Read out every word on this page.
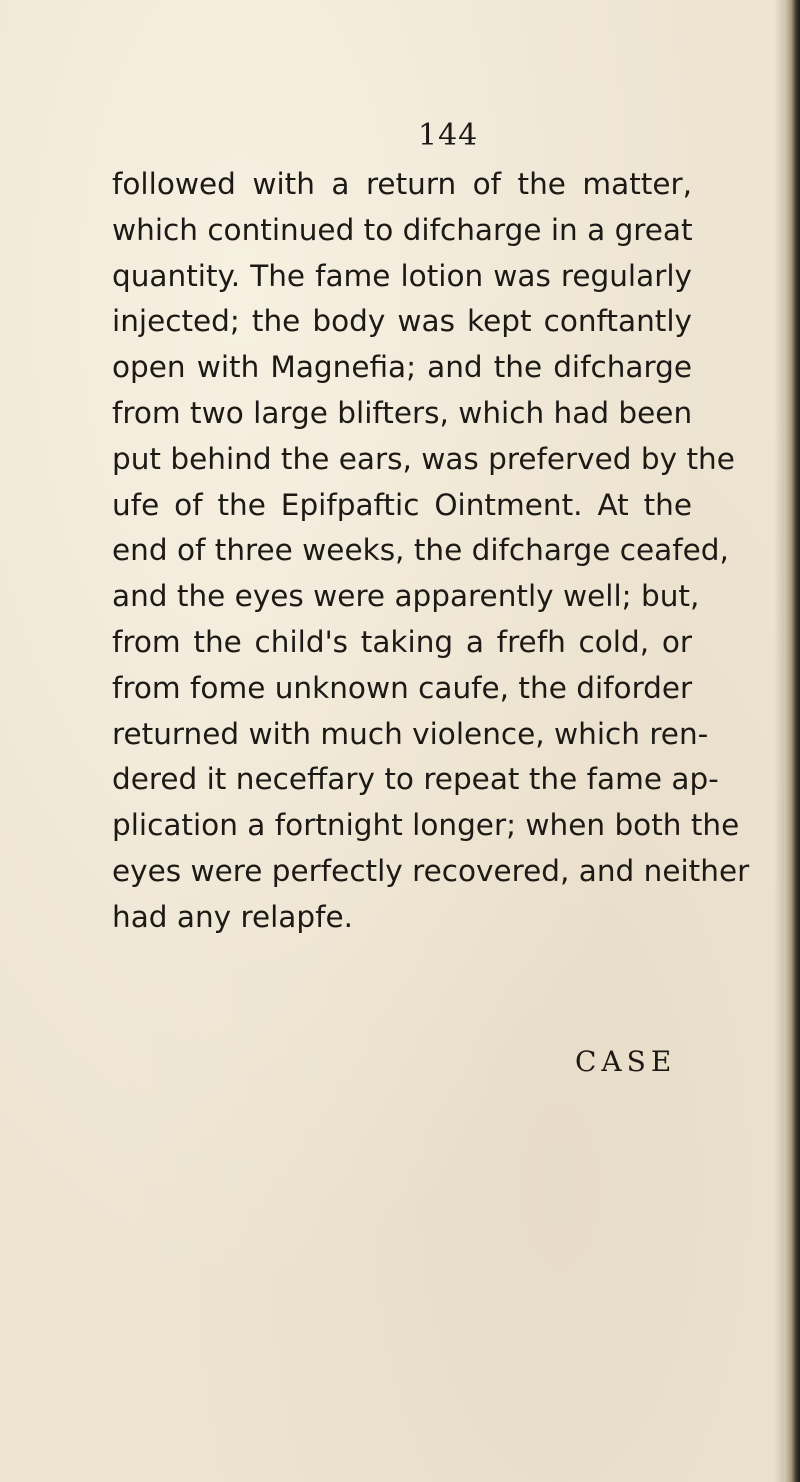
144
followed with a return of the matter,
which continued to difcharge in a great
quantity. The fame lotion was regularly
injected; the body was kept conftantly
open with Magnefia; and the difcharge
from two large blifters, which had been
put behind the ears, was preferved by the
ufe of the Epifpaftic Ointment. At the
end of three weeks, the difcharge ceafed,
and the eyes were apparently well; but,
from the child's taking a frefh cold, or
from fome unknown caufe, the diforder
returned with much violence, which ren-
dered it neceffary to repeat the fame ap-
plication a fortnight longer; when both the
eyes were perfectly recovered, and neither
had any relapfe.
CASE
